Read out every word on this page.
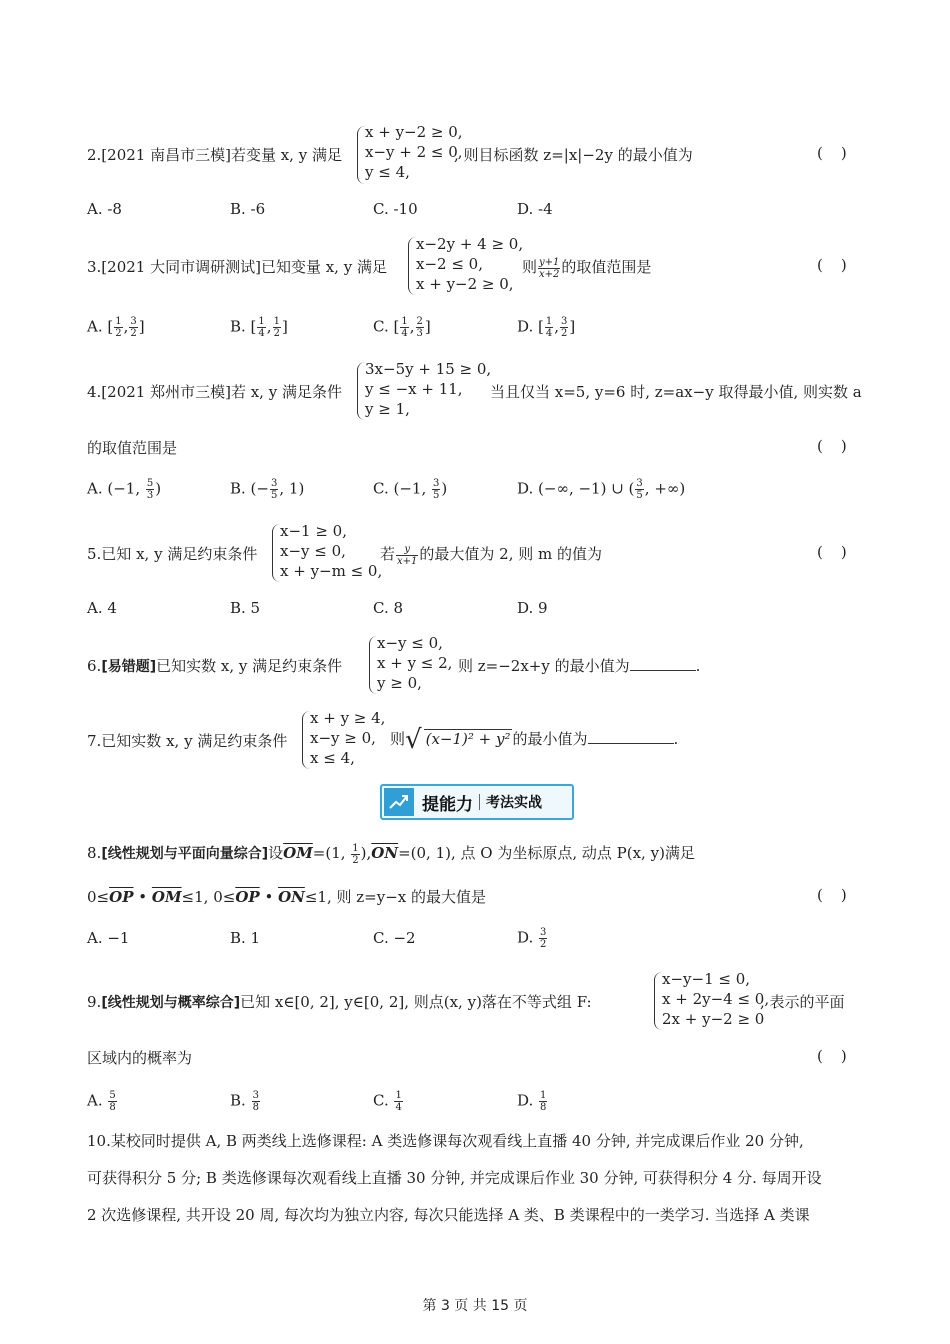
2.[2021 南昌市三模]若变量 x, y 满足
x + y−2 ≥ 0,
x−y + 2 ≤ 0,
y ≤ 4,
, 则目标函数 z=|x|−2y 的最小值为	()
A. -8	B. -6	C. -10	D. -4
3.[2021 大同市调研测试]已知变量 x, y 满足
x−2y + 4 ≥ 0,
x−2 ≤ 0,
x + y−2 ≥ 0,
则 $\frac{y+1}{x+2}$ 的取值范围是	()
A. [ $\frac{1}{2}$ , $\frac{3}{2}$ ]	B. [ $\frac{1}{4}$ , $\frac{1}{2}$ ]	C. [ $\frac{1}{4}$ , $\frac{2}{3}$ ]	D. [ $\frac{1}{4}$ , $\frac{3}{2}$ ]
4.[2021 郑州市三模]若 x, y 满足条件
3x−5y + 15 ≥ 0,
y ≤ −x + 11,
y ≥ 1,
当且仅当 x=5, y=6 时, z=ax−y 取得最小值, 则实数 a
的取值范围是	()
A. (−1, $\frac{5}{3}$ )	B. (− $\frac{3}{5}$ , 1)	C. (−1, $\frac{3}{5}$ )	D. (−∞, −1) ∪ ( $\frac{3}{5}$ , +∞)
5.已知 x, y 满足约束条件
x−1 ≥ 0,
x−y ≤ 0,
x + y−m ≤ 0,
若 $\frac{y}{x+1}$ 的最大值为 2, 则 m 的值为	()
A. 4	B. 5	C. 8	D. 9
6.[易错题]已知实数 x, y 满足约束条件
x−y ≤ 0,
x + y ≤ 2,
y ≥ 0,
则 z=−2x+y 的最小值为	.
7.已知实数 x, y 满足约束条件
x + y ≥ 4,
x−y ≥ 0,
x ≤ 4,
则√ (x−1)² + y² 的最小值为	.
提能力 考法实战
8.[线性规划与平面向量综合]设$\overline{OM}=(1$, $\frac{1}{2} ),\overline{ON}=(0$, 1), 点 O 为坐标原点, 动点 P(x, y)满足
$0\le\overline{OP}$ • $\overline{OM}\le 1$, $0\le\overline{OP}$ • $\overline{ON}\le 1$, 则 z=y−x 的最大值是	()
A. −1	B. 1	C. −2	D. $\frac{3}{2}$
9.[线性规划与概率综合]已知 x∈[0, 2], y∈[0, 2], 则点(x, y)落在不等式组 F:
x−y−1 ≤ 0,
x + 2y−4 ≤ 0,
2x + y−2 ≥ 0
, 表示的平面
区域内的概率为	()
A. $\frac{5}{8}$	B. $\frac{3}{8}$	C. $\frac{1}{4}$	D. $\frac{1}{8}$
10.某校同时提供 A, B 两类线上选修课程: A 类选修课每次观看线上直播 40 分钟, 并完成课后作业 20 分钟,
可获得积分 5 分; B 类选修课每次观看线上直播 30 分钟, 并完成课后作业 30 分钟, 可获得积分 4 分. 每周开设
2 次选修课程, 共开设 20 周, 每次均为独立内容, 每次只能选择 A 类、B 类课程中的一类学习. 当选择 A 类课
第 3 页 共 15 页
